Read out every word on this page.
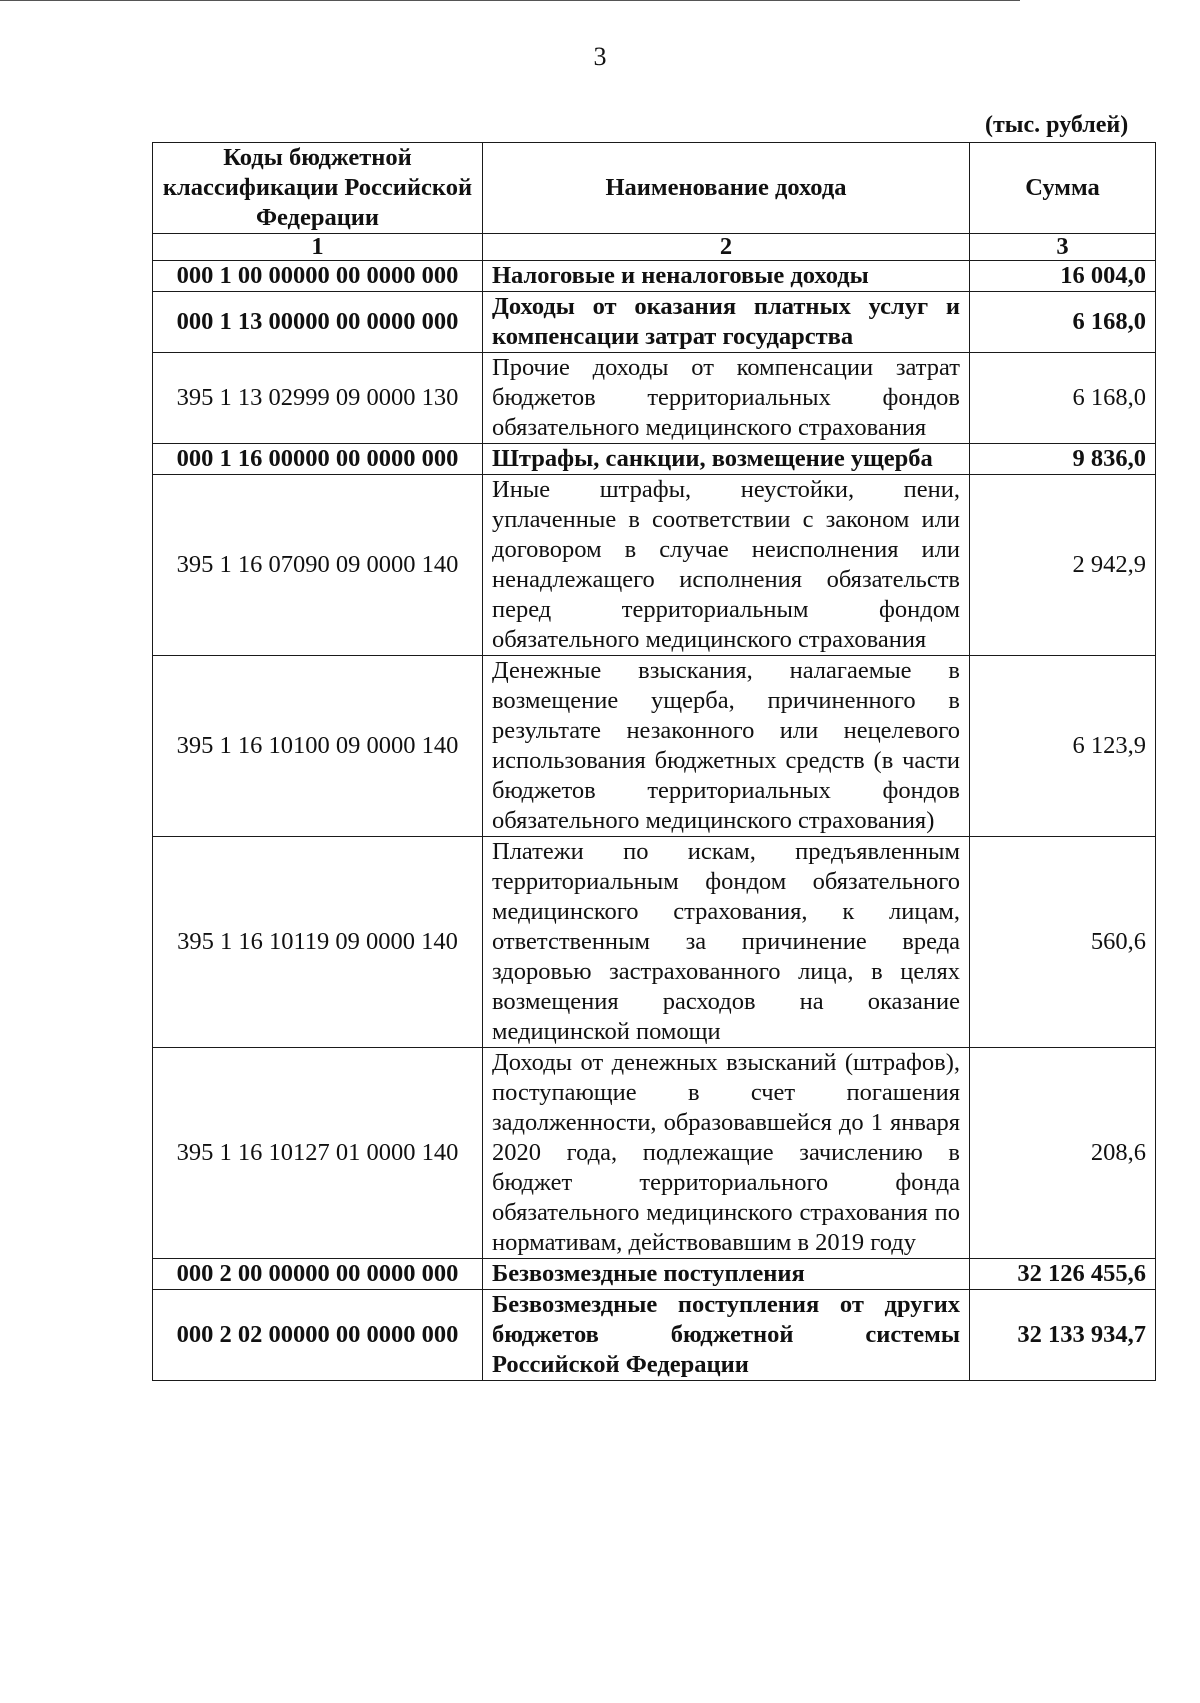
3
(тыс. рублей)
Коды бюджетной классификации Российской Федерации	Наименование дохода	Сумма
1	2	3
000 1 00 00000 00 0000 000	Налоговые и неналоговые доходы	16 004,0
000 1 13 00000 00 0000 000	Доходы от оказания платных услуг и компенсации затрат государства	6 168,0
395 1 13 02999 09 0000 130	Прочие доходы от компенсации затрат бюджетов территориальных фондов обязательного медицинского страхования	6 168,0
000 1 16 00000 00 0000 000	Штрафы, санкции, возмещение ущерба	9 836,0
395 1 16 07090 09 0000 140	Иные штрафы, неустойки, пени, уплаченные в соответствии с законом или договором в случае неисполнения или ненадлежащего исполнения обязательств перед территориальным фондом обязательного медицинского страхования	2 942,9
395 1 16 10100 09 0000 140	Денежные взыскания, налагаемые в возмещение ущерба, причиненного в результате незаконного или нецелевого использования бюджетных средств (в части бюджетов территориальных фондов обязательного медицинского страхования)	6 123,9
395 1 16 10119 09 0000 140	Платежи по искам, предъявленным территориальным фондом обязательного медицинского страхования, к лицам, ответственным за причинение вреда здоровью застрахованного лица, в целях возмещения расходов на оказание медицинской помощи	560,6
395 1 16 10127 01 0000 140	Доходы от денежных взысканий (штрафов), поступающие в счет погашения задолженности, образовавшейся до 1 января 2020 года, подлежащие зачислению в бюджет территориального фонда обязательного медицинского страхования по нормативам, действовавшим в 2019 году	208,6
000 2 00 00000 00 0000 000	Безвозмездные поступления	32 126 455,6
000 2 02 00000 00 0000 000	Безвозмездные поступления от других бюджетов бюджетной системы Российской Федерации	32 133 934,7
